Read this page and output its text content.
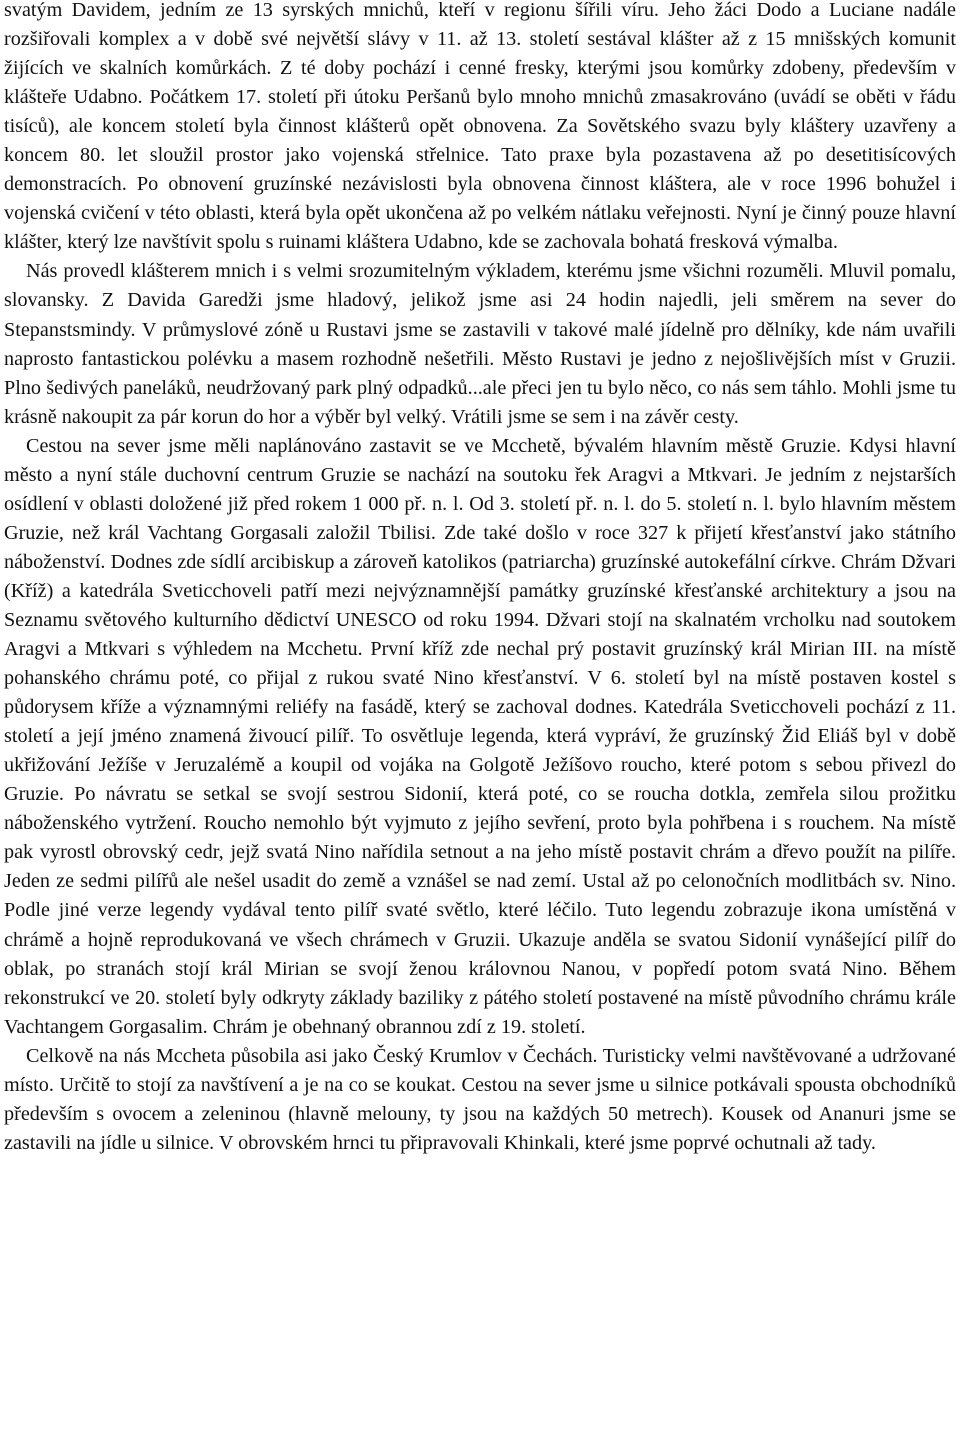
svatým Davidem, jedním ze 13 syrských mnichů, kteří v regionu šířili víru. Jeho žáci Dodo a Luciane nadále rozšiřovali komplex a v době své největší slávy v 11. až 13. století sestával klášter až z 15 mnišských komunit žijících ve skalních komůrkách. Z té doby pochází i cenné fresky, kterými jsou komůrky zdobeny, především v klášteře Udabno. Počátkem 17. století při útoku Peršanů bylo mnoho mnichů zmasakrováno (uvádí se oběti v řádu tisíců), ale koncem století byla činnost klášterů opět obnovena. Za Sovětského svazu byly kláštery uzavřeny a koncem 80. let sloužil prostor jako vojenská střelnice. Tato praxe byla pozastavena až po desetitisícových demonstracích. Po obnovení gruzínské nezávislosti byla obnovena činnost kláštera, ale v roce 1996 bohužel i vojenská cvičení v této oblasti, která byla opět ukončena až po velkém nátlaku veřejnosti. Nyní je činný pouze hlavní klášter, který lze navštívit spolu s ruinami kláštera Udabno, kde se zachovala bohatá fresková výmalba.

Nás provedl klášterem mnich i s velmi srozumitelným výkladem, kterému jsme všichni rozuměli. Mluvil pomalu, slovansky. Z Davida Garedži jsme hladový, jelikož jsme asi 24 hodin najedli, jeli směrem na sever do Stepanstsmindy. V průmyslové zóně u Rustavi jsme se zastavili v takové malé jídelně pro dělníky, kde nám uvařili naprosto fantastickou polévku a masem rozhodně nešetřili. Město Rustavi je jedno z nejošlivějších míst v Gruzii. Plno šedivých paneláků, neudržovaný park plný odpadků...ale přeci jen tu bylo něco, co nás sem táhlo. Mohli jsme tu krásně nakoupit za pár korun do hor a výběr byl velký. Vrátili jsme se sem i na závěr cesty.

Cestou na sever jsme měli naplánováno zastavit se ve Mcchetě, bývalém hlavním městě Gruzie. Kdysi hlavní město a nyní stále duchovní centrum Gruzie se nachází na soutoku řek Aragvi a Mtkvari. Je jedním z nejstarších osídlení v oblasti doložené již před rokem 1 000 př. n. l. Od 3. století př. n. l. do 5. století n. l. bylo hlavním městem Gruzie, než král Vachtang Gorgasali založil Tbilisi. Zde také došlo v roce 327 k přijetí křesťanství jako státního náboženství. Dodnes zde sídlí arcibiskup a zároveň katolikos (patriarcha) gruzínské autokefální církve. Chrám Džvari (Kříž) a katedrála Sveticchoveli patří mezi nejvýznamnější památky gruzínské křesťanské architektury a jsou na Seznamu světového kulturního dědictví UNESCO od roku 1994. Džvari stojí na skalnatém vrcholku nad soutokem Aragvi a Mtkvari s výhledem na Mcchetu. První kříž zde nechal prý postavit gruzínský král Mirian III. na místě pohanského chrámu poté, co přijal z rukou svaté Nino křesťanství. V 6. století byl na místě postaven kostel s půdorysem kříže a významnými reliéfy na fasádě, který se zachoval dodnes. Katedrála Sveticchoveli pochází z 11. století a její jméno znamená živoucí pilíř. To osvětluje legenda, která vypráví, že gruzínský Žid Eliáš byl v době ukřižování Ježíše v Jeruzalémě a koupil od vojáka na Golgotě Ježíšovo roucho, které potom s sebou přivezl do Gruzie. Po návratu se setkal se svojí sestrou Sidonií, která poté, co se roucha dotkla, zemřela silou prožitku náboženského vytržení. Roucho nemohlo být vyjmuto z jejího sevření, proto byla pohřbena i s rouchem. Na místě pak vyrostl obrovský cedr, jejž svatá Nino nařídila setnout a na jeho místě postavit chrám a dřevo použít na pilíře. Jeden ze sedmi pilířů ale nešel usadit do země a vznášel se nad zemí. Ustal až po celonočních modlitbách sv. Nino. Podle jiné verze legendy vydával tento pilíř svaté světlo, které léčilo. Tuto legendu zobrazuje ikona umístěná v chrámě a hojně reprodukovaná ve všech chrámech v Gruzii. Ukazuje anděla se svatou Sidonií vynášející pilíř do oblak, po stranách stojí král Mirian se svojí ženou královnou Nanou, v popředí potom svatá Nino. Během rekonstrukcí ve 20. století byly odkryty základy baziliky z pátého století postavené na místě původního chrámu krále Vachtangem Gorgasalim. Chrám je obehnaný obrannou zdí z 19. století.

Celkově na nás Mccheta působila asi jako Český Krumlov v Čechách. Turisticky velmi navštěvované a udržované místo. Určitě to stojí za navštívení a je na co se koukat. Cestou na sever jsme u silnice potkávali spousta obchodníků především s ovocem a zeleninou (hlavně melouny, ty jsou na každých 50 metrech). Kousek od Ananuri jsme se zastavili na jídle u silnice. V obrovském hrnci tu připravovali Khinkali, které jsme poprvé ochutnali až tady.
